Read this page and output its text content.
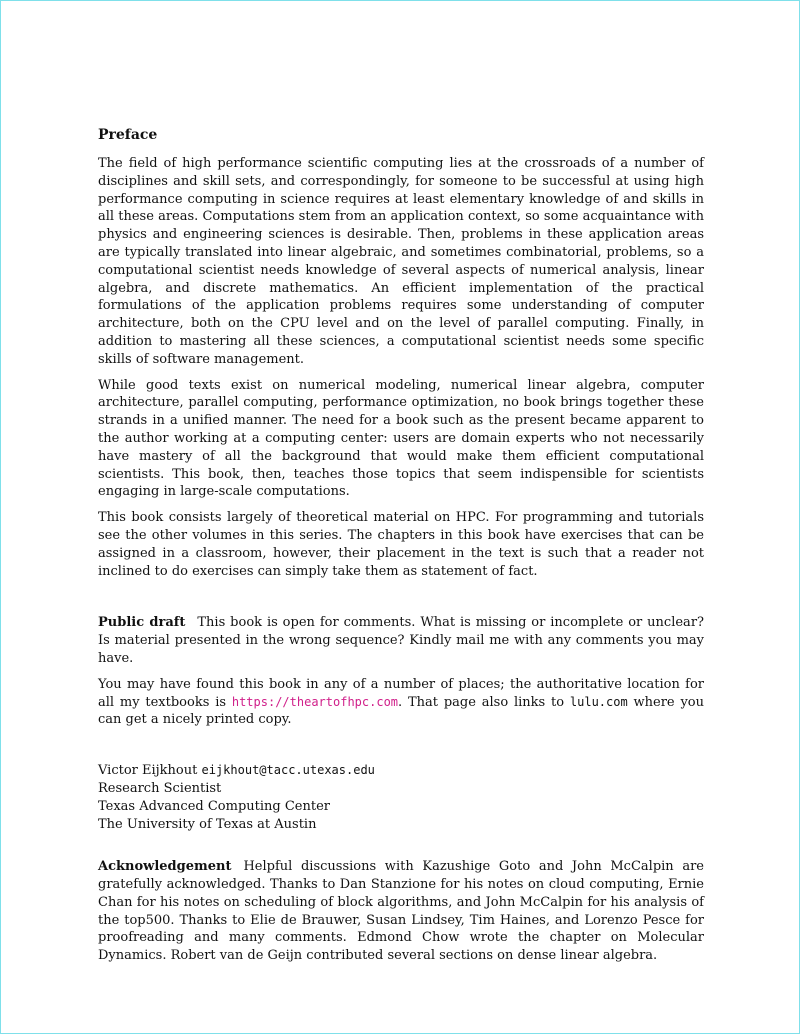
Preface

The field of high performance scientific computing lies at the crossroads of a number of disciplines and skill sets, and correspondingly, for someone to be successful at using high performance computing in science requires at least elementary knowledge of and skills in all these areas. Computations stem from an application context, so some acquaintance with physics and engineering sciences is desirable. Then, problems in these application areas are typically translated into linear algebraic, and sometimes combinatorial, problems, so a computational scientist needs knowledge of several aspects of numerical analysis, linear algebra, and discrete mathematics. An efficient implementation of the practical formulations of the application problems requires some understanding of computer architecture, both on the CPU level and on the level of parallel computing. Finally, in addition to mastering all these sciences, a computational scientist needs some specific skills of software management.

While good texts exist on numerical modeling, numerical linear algebra, computer architecture, parallel computing, performance optimization, no book brings together these strands in a unified manner. The need for a book such as the present became apparent to the author working at a computing center: users are domain experts who not necessarily have mastery of all the background that would make them efficient computational scientists. This book, then, teaches those topics that seem indispensible for scientists engaging in large-scale computations.

This book consists largely of theoretical material on HPC. For programming and tutorials see the other volumes in this series. The chapters in this book have exercises that can be assigned in a classroom, however, their placement in the text is such that a reader not inclined to do exercises can simply take them as statement of fact.

Public draft This book is open for comments. What is missing or incomplete or unclear? Is material presented in the wrong sequence? Kindly mail me with any comments you may have.

You may have found this book in any of a number of places; the authoritative location for all my textbooks is https://theartofhpc.com. That page also links to lulu.com where you can get a nicely printed copy.

Victor Eijkhout eijkhout@tacc.utexas.edu
Research Scientist
Texas Advanced Computing Center
The University of Texas at Austin

Acknowledgement Helpful discussions with Kazushige Goto and John McCalpin are gratefully acknowledged. Thanks to Dan Stanzione for his notes on cloud computing, Ernie Chan for his notes on scheduling of block algorithms, and John McCalpin for his analysis of the top500. Thanks to Elie de Brauwer, Susan Lindsey, Tim Haines, and Lorenzo Pesce for proofreading and many comments. Edmond Chow wrote the chapter on Molecular Dynamics. Robert van de Geijn contributed several sections on dense linear algebra.
